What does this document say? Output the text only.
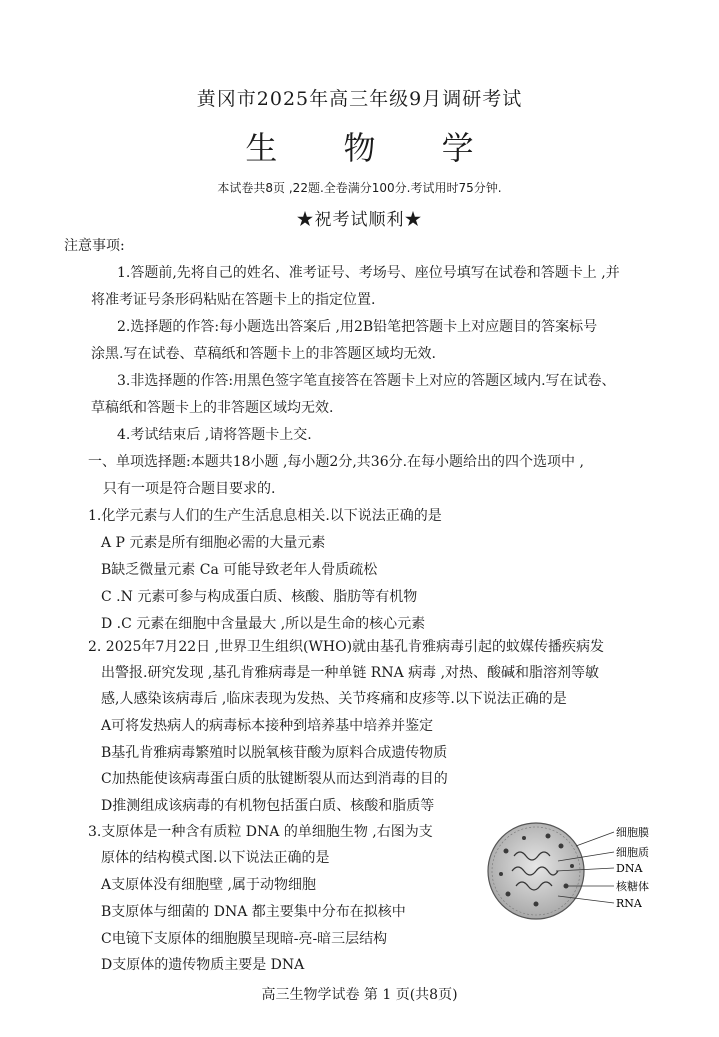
黄冈市2025年高三年级9月调研考试
生 物 学
本试卷共8页 ,22题.全卷满分100分.考试用时75分钟.
★祝考试顺利★
注意事项:
1.答题前,先将自己的姓名、准考证号、考场号、座位号填写在试卷和答题卡上 ,并
将准考证号条形码粘贴在答题卡上的指定位置.
2.选择题的作答:每小题选出答案后 ,用2B铅笔把答题卡上对应题目的答案标号
涂黑.写在试卷、草稿纸和答题卡上的非答题区域均无效.
3.非选择题的作答:用黑色签字笔直接答在答题卡上对应的答题区域内.写在试卷、
草稿纸和答题卡上的非答题区域均无效.
4.考试结束后 ,请将答题卡上交.
一、单项选择题:本题共18小题 ,每小题2分,共36分.在每小题给出的四个选项中 ,
只有一项是符合题目要求的.
1.化学元素与人们的生产生活息息相关.以下说法正确的是
A P 元素是所有细胞必需的大量元素
B缺乏微量元素 Ca 可能导致老年人骨质疏松
C .N 元素可参与构成蛋白质、核酸、脂肪等有机物
D .C 元素在细胞中含量最大 ,所以是生命的核心元素
2. 2025年7月22日 ,世界卫生组织(WHO)就由基孔肯雅病毒引起的蚊媒传播疾病发
出警报.研究发现 ,基孔肯雅病毒是一种单链 RNA 病毒 ,对热、酸碱和脂溶剂等敏
感,人感染该病毒后 ,临床表现为发热、关节疼痛和皮疹等.以下说法正确的是
A可将发热病人的病毒标本接种到培养基中培养并鉴定
B基孔肯雅病毒繁殖时以脱氧核苷酸为原料合成遗传物质
C加热能使该病毒蛋白质的肽键断裂从而达到消毒的目的
D推测组成该病毒的有机物包括蛋白质、核酸和脂质等
3.支原体是一种含有质粒 DNA 的单细胞生物 ,右图为支
原体的结构模式图.以下说法正确的是
A支原体没有细胞壁 ,属于动物细胞
B支原体与细菌的 DNA 都主要集中分布在拟核中
C电镜下支原体的细胞膜呈现暗-亮-暗三层结构
D支原体的遗传物质主要是 DNA
细胞膜
细胞质
DNA
核糖体
RNA
高三生物学试卷 第 1 页(共8页)
